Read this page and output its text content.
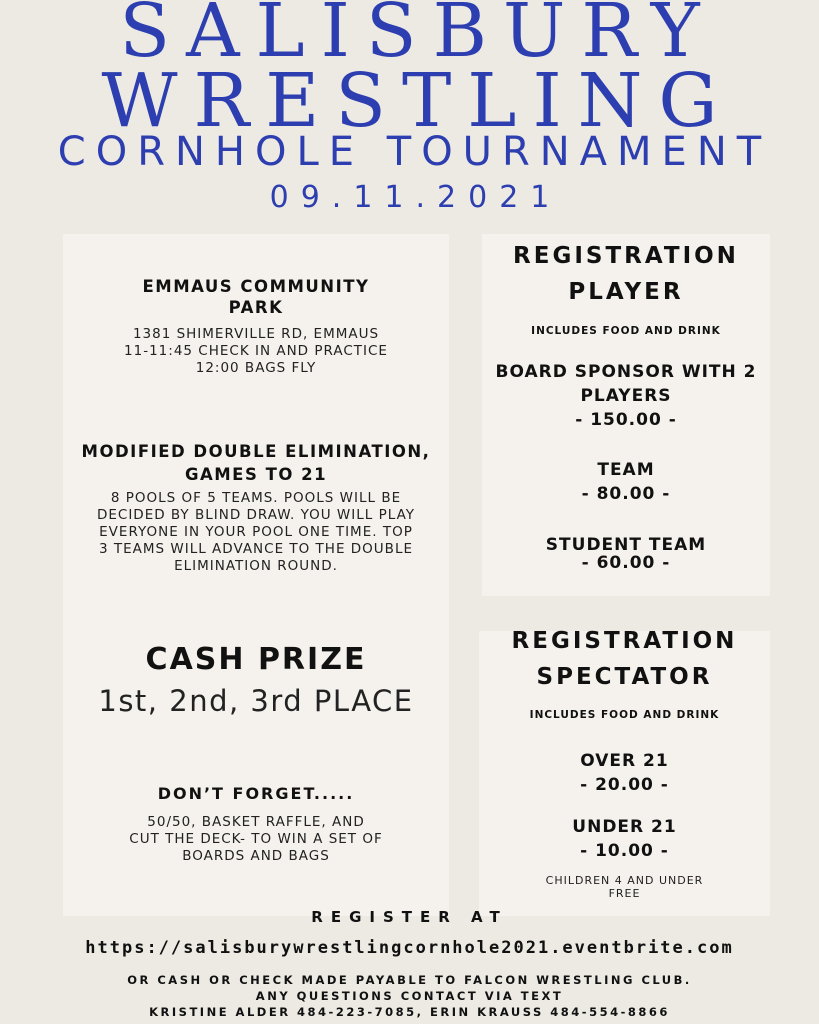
SALISBURY
WRESTLING
CORNHOLE TOURNAMENT
09.11.2021
EMMAUS COMMUNITY
PARK
1381 SHIMERVILLE RD, EMMAUS
11-11:45 CHECK IN AND PRACTICE
12:00 BAGS FLY
MODIFIED DOUBLE ELIMINATION,
GAMES TO 21
8 POOLS OF 5 TEAMS. POOLS WILL BE
DECIDED BY BLIND DRAW. YOU WILL PLAY
EVERYONE IN YOUR POOL ONE TIME. TOP
3 TEAMS WILL ADVANCE TO THE DOUBLE
ELIMINATION ROUND.
CASH PRIZE
1st, 2nd, 3rd PLACE
DON’T FORGET.....
50/50, BASKET RAFFLE, AND
CUT THE DECK- TO WIN A SET OF
BOARDS AND BAGS
REGISTRATION
PLAYER
INCLUDES FOOD AND DRINK
BOARD SPONSOR WITH 2
PLAYERS
- 150.00 -
TEAM
- 80.00 -
STUDENT TEAM
- 60.00 -
REGISTRATION
SPECTATOR
INCLUDES FOOD AND DRINK
OVER 21
- 20.00 -
UNDER 21
- 10.00 -
CHILDREN 4 AND UNDER
FREE
REGISTER AT
https://salisburywrestlingcornhole2021.eventbrite.com
OR CASH OR CHECK MADE PAYABLE TO FALCON WRESTLING CLUB.
ANY QUESTIONS CONTACT VIA TEXT
KRISTINE ALDER 484-223-7085, ERIN KRAUSS 484-554-8866
